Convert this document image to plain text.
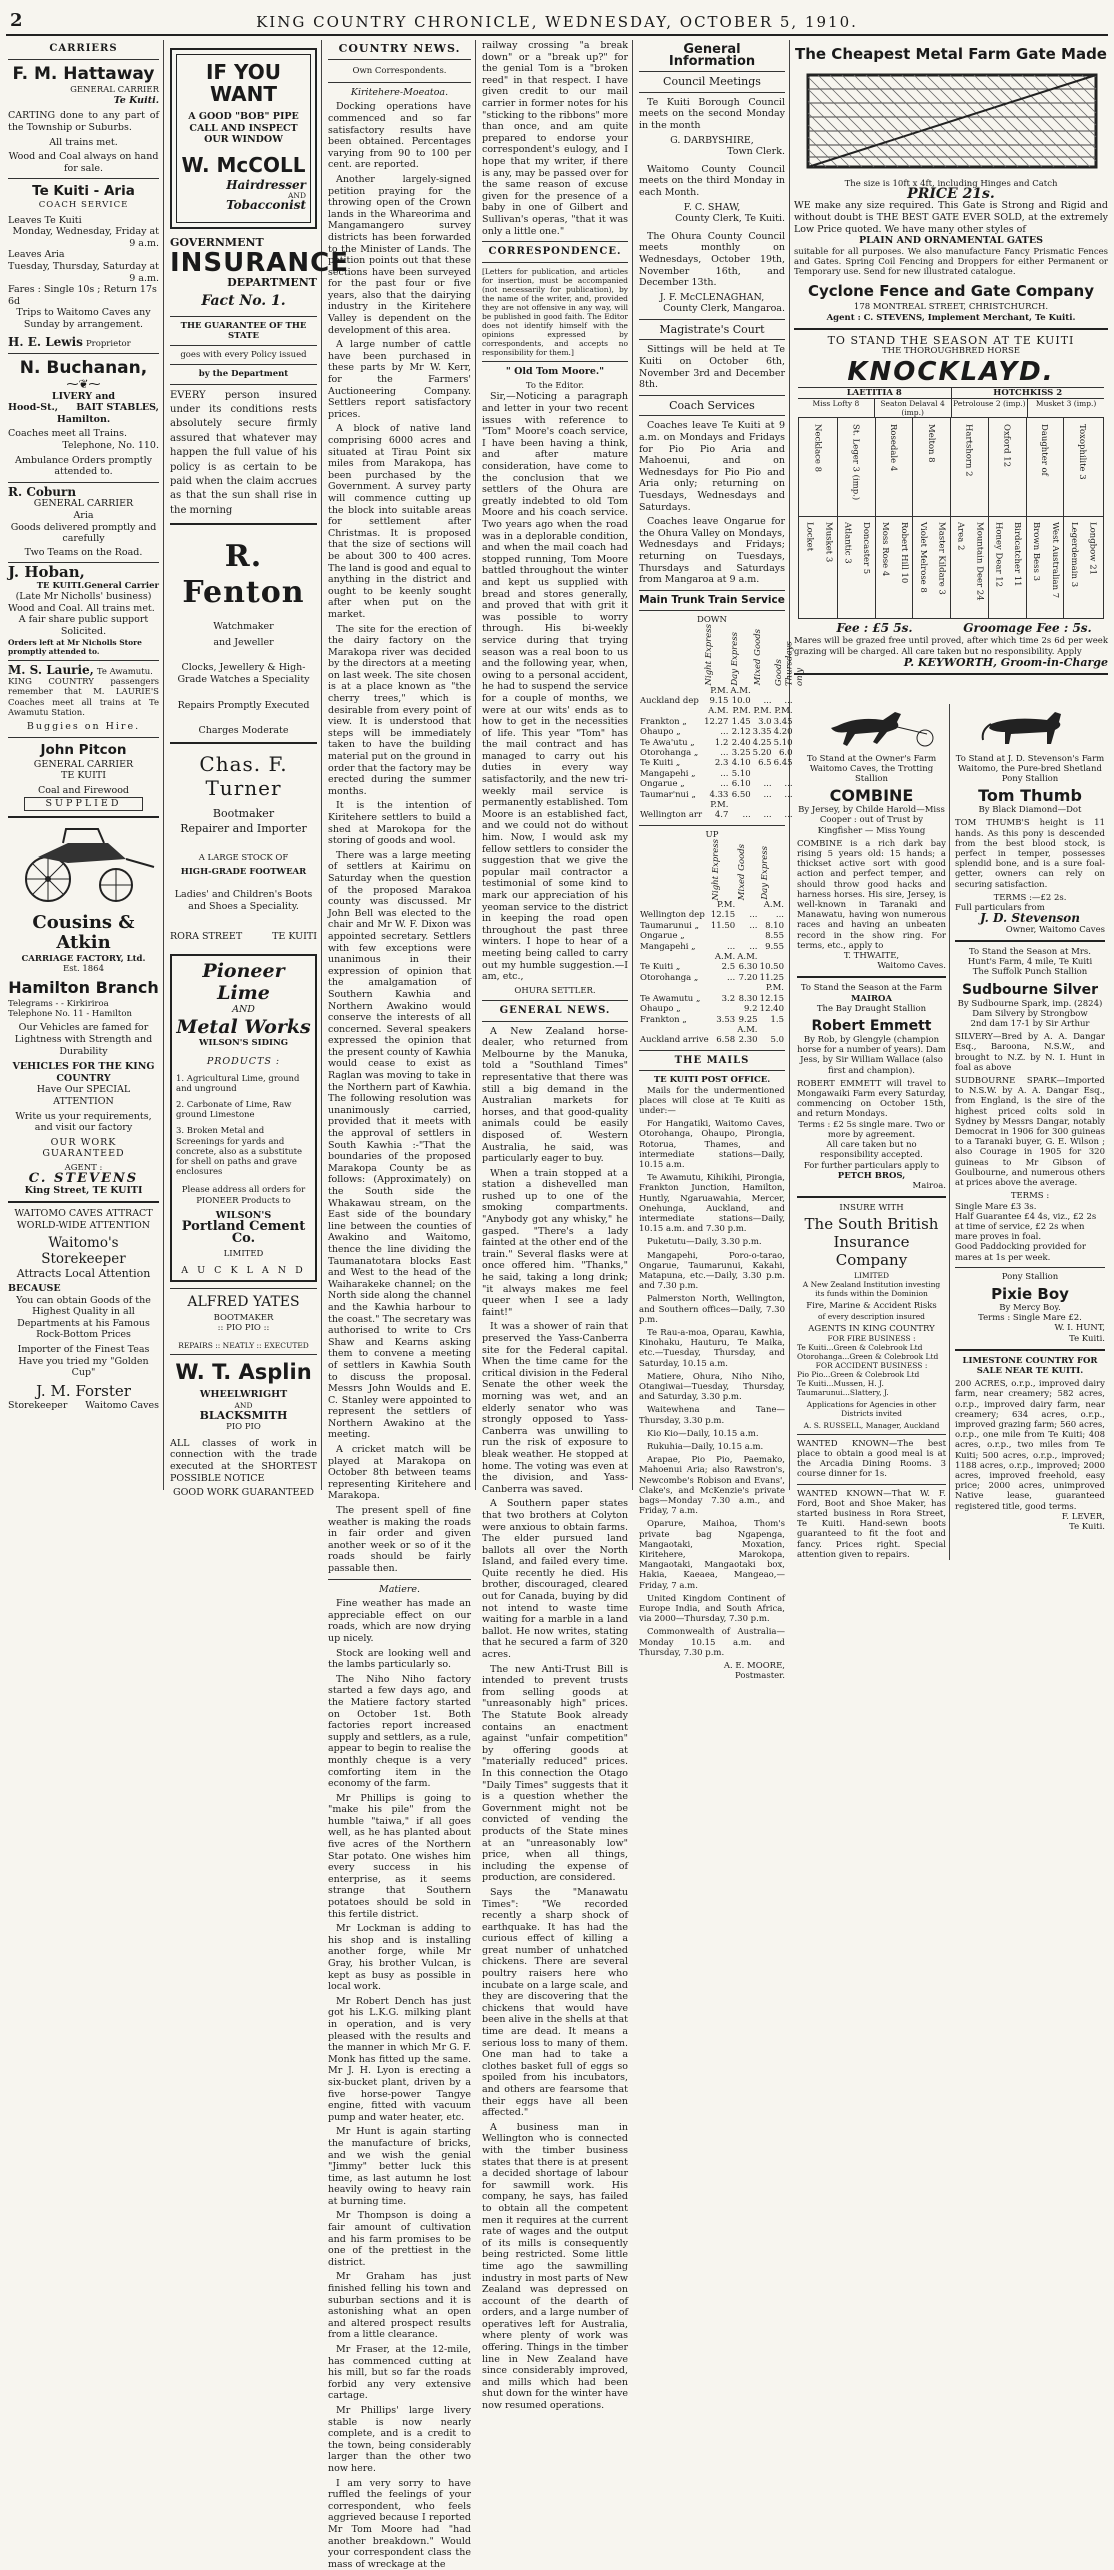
2	KING COUNTRY CHRONICLE, WEDNESDAY, OCTOBER 5, 1910.
CARRIERS
F. M. Hattaway
GENERAL CARRIER
Te Kuiti.
CARTING done to any part of the Township or Suburbs.
All trains met.
Wood and Coal always on hand for sale.
Te Kuiti - Aria
COACH SERVICE
Leaves Te Kuiti
Monday, Wednesday, Friday at 9 a.m.
Leaves Aria
Tuesday, Thursday, Saturday at 9 a.m.
Fares : Single 10s ; Return 17s 6d
Trips to Waitomo Caves any Sunday by arrangement.
H. E. Lewis Proprietor
N. Buchanan,
⁓❦⁓
LIVERY and
Hood-St., BAIT STABLES,
Hamilton.
Coaches meet all Trains.
Telephone, No. 110.
Ambulance Orders promptly attended to.
R. Coburn
GENERAL CARRIER
Aria
Goods delivered promptly and carefully
Two Teams on the Road.
J. Hoban,
General Carrier
TE KUITI.
(Late Mr Nicholls' business)
Wood and Coal. All trains met.
A fair share public support Solicited.
Orders left at Mr Nicholls Store promptly attended to.
M. S. Laurie, Te Awamutu.
KING COUNTRY passengers remember that M. LAURIE'S Coaches meet all trains at Te Awamutu Station.
Buggies on Hire.
John Pitcon
GENERAL CARRIER
TE KUITI
Coal and Firewood
SUPPLIED
Cousins & Atkin
CARRIAGE FACTORY, Ltd.
Est. 1864
Hamilton Branch
Telegrams - - Kirkiriroa
Telephone No. 11 - Hamilton
Our Vehicles are famed for Lightness with Strength and Durability
VEHICLES FOR THE KING COUNTRY
Have Our SPECIAL ATTENTION
Write us your requirements, and visit our factory
OUR WORK GUARANTEED
AGENT :
C. STEVENS
King Street, TE KUITI
WAITOMO CAVES ATTRACT WORLD-WIDE ATTENTION
Waitomo's Storekeeper
Attracts Local Attention
BECAUSE
You can obtain Goods of the Highest Quality in all Departments at his Famous Rock-Bottom Prices
Importer of the Finest Teas
Have you tried my "Golden Cup"
J. M. Forster
Storekeeper Waitomo Caves
IF YOU WANT
A GOOD "BOB" PIPE
CALL AND INSPECT
OUR WINDOW
W. McCOLL
Hairdresser
AND
Tobacconist
GOVERNMENT
INSURANCE
DEPARTMENT
Fact No. 1.
THE GUARANTEE OF THE STATE
goes with every Policy issued
by the Department
EVERY person insured under its conditions rests absolutely secure firmly assured that whatever may happen the full value of his policy is as certain to be paid when the claim accrues as that the sun shall rise in the morning
R. Fenton
Watchmaker
and Jeweller
Clocks, Jewellery & High-Grade Watches a Speciality
Repairs Promptly Executed
Charges Moderate
Chas. F. Turner
Bootmaker
Repairer and Importer
A LARGE STOCK OF
HIGH-GRADE FOOTWEAR
Ladies' and Children's Boots and Shoes a Speciality.
RORA STREET	TE KUITI
Pioneer Lime
AND
Metal Works
WILSON'S SIDING
PRODUCTS :
1. Agricultural Lime, ground and unground
2. Carbonate of Lime, Raw ground Limestone
3. Broken Metal and Screenings for yards and concrete, also as a substitute for shell on paths and grave enclosures
Please address all orders for PIONEER Products to
WILSON'S
Portland Cement Co.
LIMITED
A U C K L A N D
ALFRED YATES
BOOTMAKER
:: PIO PIO ::
REPAIRS :: NEATLY :: EXECUTED
W. T. Asplin
WHEELWRIGHT
AND
BLACKSMITH
PIO PIO
ALL classes of work in connection with the trade executed at the SHORTEST POSSIBLE NOTICE
GOOD WORK GUARANTEED
COUNTRY NEWS.
Own Correspondents.
Kiritehere-Moeatoa.

Docking operations have commenced and so far satisfactory results have been obtained. Percentages varying from 90 to 100 per cent. are reported.

Another largely-signed petition praying for the throwing open of the Crown lands in the Whareorima and Mangamangero survey districts has been forwarded to the Minister of Lands. The petition points out that these sections have been surveyed for the past four or five years, also that the dairying industry in the Kiritehere Valley is dependent on the development of this area.

A large number of cattle have been purchased in these parts by Mr W. Kerr, for the Farmers' Auctioneering Company. Settlers report satisfactory prices.

A block of native land comprising 6000 acres and situated at Tirau Point six miles from Marakopa, has been purchased by the Government. A survey party will commence cutting up the block into suitable areas for settlement after Christmas. It is proposed that the size of sections will be about 300 to 400 acres. The land is good and equal to anything in the district and ought to be keenly sought after when put on the market.

The site for the erection of the dairy factory on the Marakopa river was decided by the directors at a meeting on last week. The site chosen is at a place known as "the cherry trees," which is desirable from every point of view. It is understood that steps will be immediately taken to have the building material put on the ground in order that the factory may be erected during the summer months.

It is the intention of Kiritehere settlers to build a shed at Marokopa for the storing of goods and wool.

There was a large meeting of settlers at Kairimu on Saturday when the question of the proposed Marakoa county was discussed. Mr John Bell was elected to the chair and Mr W. F. Dixon was appointed secretary. Settlers with few exceptions were unanimous in their expression of opinion that the amalgamation of Southern Kawhia and Northern Awakino would conserve the interests of all concerned. Several speakers expressed the opinion that the present county of Kawhia would cease to exist as Raglan was moving to take in the Northern part of Kawhia. The following resolution was unanimously carried, provided that it meets with the approval of settlers in South Kawhia :-"That the boundaries of the proposed Marakopa County be as follows: (Approximately) on the South side the Whakawau stream, on the East side of the boundary line between the counties of Awakino and Waitomo, thence the line dividing the Taumanatotara blocks East and West to the head of the Waiharakeke channel; on the North side along the channel and the Kawhia harbour to the coast." The secretary was authorised to write to Crs Shaw and Kearns asking them to convene a meeting of settlers in Kawhia South to discuss the proposal. Messrs John Woulds and E. C. Stanley were appointed to represent the settlers of Northern Awakino at the meeting.

A cricket match will be played at Marakopa on October 8th between teams representing Kiritehere and Marakopa.

The present spell of fine weather is making the roads in fair order and given another week or so of it the roads should be fairly passable then.

Matiere.

Fine weather has made an appreciable effect on our roads, which are now drying up nicely.

Stock are looking well and the lambs particularly so.

The Niho Niho factory started a few days ago, and the Matiere factory started on October 1st. Both factories report increased supply and settlers, as a rule, appear to begin to realise the monthly cheque is a very comforting item in the economy of the farm.

Mr Phillips is going to "make his pile" from the humble "taiwa," if all goes well, as he has planted about five acres of the Northern Star potato. One wishes him every success in his enterprise, as it seems strange that Southern potatoes should be sold in this fertile district.

Mr Lockman is adding to his shop and is installing another forge, while Mr Gray, his brother Vulcan, is kept as busy as possible in local work.

Mr Robert Dench has just got his L.K.G. milking plant in operation, and is very pleased with the results and the manner in which Mr G. F. Monk has fitted up the same. Mr J. H. Lyon is erecting a six-bucket plant, driven by a five horse-power Tangye engine, fitted with vacuum pump and water heater, etc.

Mr Hunt is again starting the manufacture of bricks, and we wish the genial "Jimmy" better luck this time, as last autumn he lost heavily owing to heavy rain at burning time.

Mr Thompson is doing a fair amount of cultivation and his farm promises to be one of the prettiest in the district.

Mr Graham has just finished felling his town and suburban sections and it is astonishing what an open and altered prospect results from a little clearance.

Mr Fraser, at the 12-mile, has commenced cutting at his mill, but so far the roads forbid any very extensive cartage.

Mr Phillips' large livery stable is now nearly complete, and is a credit to the town, being considerably larger than the other two now here.

I am very sorry to have ruffled the feelings of your correspondent, who feels aggrieved because I reported Mr Tom Moore had "had another breakdown." Would your correspondent class the mass of wreckage at the

railway crossing "a break down" or a "break up?" for the genial Tom is a "broken reed" in that respect. I have given credit to our mail carrier in former notes for his "sticking to the ribbons" more than once, and am quite prepared to endorse your correspondent's eulogy, and I hope that my writer, if there is any, may be passed over for the same reason of excuse given for the presence of a baby in one of Gilbert and Sullivan's operas, "that it was only a little one."

CORRESPONDENCE.
[Letters for publication, and articles for insertion, must be accompanied (not necessarily for publication), by the name of the writer, and, provided they are not offensive in any way, will be published in good faith. The Editor does not identify himself with the opinions expressed by correspondents, and accepts no responsibility for them.]
" Old Tom Moore."
To the Editor.

Sir,—Noticing a paragraph and letter in your two recent issues with reference to "Tom" Moore's coach service, I have been having a think, and after mature consideration, have come to the conclusion that we settlers of the Ohura are greatly indebted to old Tom Moore and his coach service. Two years ago when the road was in a deplorable condition, and when the mail coach had stopped running, Tom Moore battled throughout the winter and kept us supplied with bread and stores generally, and proved that with grit it was possible to worry through. His bi-weekly service during that trying season was a real boon to us and the following year, when, owing to a personal accident, he had to suspend the service for a couple of months, we were at our wits' ends as to how to get in the necessities of life. This year "Tom" has the mail contract and has managed to carry out his duties in every way satisfactorily, and the new tri-weekly mail service is permanently established. Tom Moore is an established fact, and we could not do without him. Now, I would ask my fellow settlers to consider the suggestion that we give the popular mail contractor a testimonial of some kind to mark our appreciation of his yeoman service to the district in keeping the road open throughout the past three winters. I hope to hear of a meeting being called to carry out my humble suggestion.—I am, etc.,

OHURA SETTLER.
GENERAL NEWS.

A New Zealand horse-dealer, who returned from Melbourne by the Manuka, told a "Southland Times" representative that there was still a big demand in the Australian markets for horses, and that good-quality animals could be easily disposed of. Western Australia, he said, was particularly eager to buy.

When a train stopped at a station a dishevelled man rushed up to one of the smoking compartments. "Anybody got any whisky," he gasped. "There's a lady fainted at the other end of the train." Several flasks were at once offered him. "Thanks," he said, taking a long drink; "it always makes me feel queer when I see a lady faint!"

It was a shower of rain that preserved the Yass-Canberra site for the Federal capital. When the time came for the critical division in the Federal Senate the other week the morning was wet, and an elderly senator who was strongly opposed to Yass-Canberra was unwilling to run the risk of exposure to bleak weather. He stopped at home. The voting was even at the division, and Yass-Canberra was saved.

A Southern paper states that two brothers at Colyton were anxious to obtain farms. The elder pursued land ballots all over the North Island, and failed every time. Quite recently he died. His brother, discouraged, cleared out for Canada, buying by did not intend to waste time waiting for a marble in a land ballot. He now writes, stating that he secured a farm of 320 acres.

The new Anti-Trust Bill is intended to prevent trusts from selling goods at "unreasonably high" prices. The Statute Book already contains an enactment against "unfair competition" by offering goods at "materially reduced" prices. In this connection the Otago "Daily Times" suggests that it is a question whether the Government might not be convicted of vending the products of the State mines at an "unreasonably low" price, when all things, including the expense of production, are considered.

Says the "Manawatu Times": "We recorded recently a sharp shock of earthquake. It has had the curious effect of killing a great number of unhatched chickens. There are several poultry raisers here who incubate on a large scale, and they are discovering that the chickens that would have been alive in the shells at that time are dead. It means a serious loss to many of them. One man had to take a clothes basket full of eggs so spoiled from his incubators, and others are fearsome that their eggs have all been affected."

A business man in Wellington who is connected with the timber business states that there is at present a decided shortage of labour for sawmill work. His company, he says, has failed to obtain all the competent men it requires at the current rate of wages and the output of its mills is consequently being restricted. Some little time ago the sawmilling industry in most parts of New Zealand was depressed on account of the dearth of orders, and a large number of operatives left for Australia, where plenty of work was offering. Things in the timber line in New Zealand have since considerably improved, and mills which had been shut down for the winter have now resumed operations.

General Information
Council Meetings

Te Kuiti Borough Council meets on the second Monday in the month

G. DARBYSHIRE,
Town Clerk.

Waitomo County Council meets on the third Monday in each Month.

F. C. SHAW,
County Clerk, Te Kuiti.

The Ohura County Council meets monthly on Wednesdays, October 19th, November 16th, and December 13th.

J. F. McCLENAGHAN,
County Clerk, Mangaroa.
Magistrate's Court

Sittings will be held at Te Kuiti on October 6th, November 3rd and December 8th.

Coach Services

Coaches leave Te Kuiti at 9 a.m. on Mondays and Fridays for Pio Pio Aria and Mahoenui, and on Wednesdays for Pio Pio and Aria only; returning on Tuesdays, Wednesdays and Saturdays.

Coaches leave Ongarue for the Ohura Valley on Mondays, Wednesdays and Fridays; returning on Tuesdays, Thursdays and Saturdays from Mangaroa at 9 a.m.

Main Trunk Train Service
DOWN

	Night Express	Day Express	Mixed Goods	Goods Thursdays only

	P.M.	A.M.		
Auckland dep	9.15	10.0	...	...
	A.M.	P.M.	P.M.	P.M.
Frankton „	12.27	1.45	3.0	3.45
Ohaupo „	...	2.12	3.35	4.20
Te Awa'utu „	1.2	2.40	4.25	5.10
Otorohanga „	...	3.25	5.20	6.0
Te Kuiti „	2.3	4.10	6.5	6.45
Mangapehi „	...	5.10		
Ongarue „	...	6.10	...	...
Taumar'nui „	4.33	6.50	...	...
	P.M.			
Wellington arr	4.7	...	...	...
UP

	Night Express	Mixed Goods	Day Express

	P.M.		A.M.
Wellington dep	12.15	...	...
Taumarunui „	11.50	...	8.10
Ongarue „			8.55
Mangapehi „	...	...	9.55
	A.M.	A.M.	
Te Kuiti „	2.5	6.30	10.50
Otorohanga „	...	7.20	11.25
			P.M.
Te Awamutu „	3.2	8.30	12.15
Ohaupo „		9.2	12.40
Frankton „	3.53	9.25	1.5
		A.M.	
Auckland arrive	6.58	2.30	5.0
THE MAILS
TE KUITI POST OFFICE.

Mails for the undermentioned places will close at Te Kuiti as under:—

For Hangatiki, Waitomo Caves, Otorohanga, Ohaupo, Pirongia, Rotorua, Thames, and intermediate stations—Daily, 10.15 a.m.

Te Awamutu, Kihikihi, Pirongia, Frankton Junction, Hamilton, Huntly, Ngaruawahia, Mercer, Onehunga, Auckland, and intermediate stations—Daily, 10.15 a.m. and 7.30 p.m.

Puketutu—Daily, 3.30 p.m.

Mangapehi, Poro-o-tarao, Ongarue, Taumarunui, Kakahi, Matapuna, etc.—Daily, 3.30 p.m. and 7.30 p.m.

Palmerston North, Wellington, and Southern offices—Daily, 7.30 p.m.

Te Rau-a-moa, Oparau, Kawhia, Kinohaku, Hauturu, Te Maika, etc.—Tuesday, Thursday, and Saturday, 10.15 a.m.

Matiere, Ohura, Niho Niho, Otangiwai—Tuesday, Thursday, and Saturday, 3.30 p.m.

Waitewhena and Tane—Thursday, 3.30 p.m.

Kio Kio—Daily, 10.15 a.m.

Rukuhia—Daily, 10.15 a.m.

Arapae, Pio Pio, Paemako, Mahoenui Aria; also Rawstron's, Newcombe's Robison and Evans', Clake's, and McKenzie's private bags—Monday 7.30 a.m., and Friday, 7 a.m.

Oparure, Maihoa, Thom's private bag Ngapenga, Mangaotaki, Moxation, Kiritehere, Marokopa, Mangaotaki, Mangaotaki box, Hakia, Kaeaea, Mangeao,—Friday, 7 a.m.

United Kingdom Continent of Europe India, and South Africa, via 2000—Thursday, 7.30 p.m.

Commonwealth of Australia—Monday 10.15 a.m. and Thursday, 7.30 p.m.

A. E. MOORE,
Postmaster.
The Cheapest Metal Farm Gate Made
The size is 10ft x 4ft, including Hinges and Catch
PRICE 21s.
WE make any size required. This Gate is Strong and Rigid and without doubt is THE BEST GATE EVER SOLD, at the extremely Low Price quoted. We have many other styles of
PLAIN AND ORNAMENTAL GATES
suitable for all purposes. We also manufacture Fancy Prismatic Fences and Gates. Spring Coil Fencing and Droppers for either Permanent or Temporary use. Send for new illustrated catalogue.
Cyclone Fence and Gate Company
178 MONTREAL STREET, CHRISTCHURCH.
Agent : C. STEVENS, Implement Merchant, Te Kuiti.
TO STAND THE SEASON AT TE KUITI
THE THOROUGHBRED HORSE
KNOCKLAYD.
LAETITIA 8	HOTCHKISS 2
Miss Lofty 8	Seaton Delaval 4 (imp.)
Petrolouse 2 (imp.)	Musket 3 (imp.)
Necklace 8	St. Leger 3 (imp.)	Rosedale 4	Melton 8	Hartshorn 2	Oxford 12	Daughter of	Toxophilite 3
Locket Musket 3 Atlantic 3 Doncaster 5 Moss Rose 4 Robert Hill 10 Violet Melrose 8 Master Kildare 3 Area 2 Mountain Deer 24 Honey Dear 12 Birdcatcher 11 Brown Bess 3 West Australian 7 Legerdemain 3 Longbow 21
Fee : £5 5s.	Groomage Fee : 5s.
Mares will be grazed free until proved, after which time 2s 6d per week grazing will be charged. All care taken but no responsibility. Apply
P. KEYWORTH, Groom-in-Charge
To Stand at the Owner's Farm Waitomo Caves, the Trotting Stallion
COMBINE
By Jersey, by Childe Harold—Miss Cooper : out of Trust by Kingfisher — Miss Young
COMBINE is a rich dark bay rising 5 years old: 15 hands; a thickset active sort with good action and perfect temper, and should throw good hacks and harness horses. His sire, Jersey, is well-known in Taranaki and Manawatu, having won numerous races and having an unbeaten record in the show ring. For terms, etc., apply to
T. THWAITE,
Waitomo Caves.
To Stand the Season at the Farm
MAIROA
The Bay Draught Stallion
Robert Emmett
By Rob, by Glengyle (champion horse for a number of years). Dam Jess, by Sir William Wallace (also first and champion).
ROBERT EMMETT will travel to Mongawaiki Farm every Saturday, commencing on October 15th, and return Mondays.
Terms : £2 5s single mare. Two or more by agreement.
All care taken but no responsibility accepted.
For further particulars apply to
PETCH BROS,
Mairoa.
INSURE WITH
The South British Insurance Company
LIMITED
A New Zealand Institution investing its funds within the Dominion
Fire, Marine & Accident Risks
of every description insured
AGENTS IN KING COUNTRY
FOR FIRE BUSINESS :
Te Kuiti...Green & Colebrook Ltd
Otorohanga...Green & Colebrook Ltd
FOR ACCIDENT BUSINESS :
Pio Pio...Green & Colebrook Ltd
Te Kuiti...Mussen, H. J.
Taumarunui...Slattery, J.
Applications for Agencies in other Districts invited
A. S. RUSSELL, Manager, Auckland
WANTED KNOWN—The best place to obtain a good meal is at the Arcadia Dining Rooms. 3 course dinner for 1s.
WANTED KNOWN—That W. F. Ford, Boot and Shoe Maker, has started business in Rora Street, Te Kuiti. Hand-sewn boots guaranteed to fit the foot and fancy. Prices right. Special attention given to repairs.
To Stand at J. D. Stevenson's Farm Waitomo, the Pure-bred Shetland Pony Stallion
Tom Thumb
By Black Diamond—Dot
TOM THUMB'S height is 11 hands. As this pony is descended from the best blood stock, is perfect in temper, possesses splendid bone, and is a sure foal-getter, owners can rely on securing satisfaction.
TERMS :—£2 2s.
Full particulars from
J. D. Stevenson
Owner, Waitomo Caves
To Stand the Season at Mrs. Hunt's Farm, 4 mile, Te Kuiti
The Suffolk Punch Stallion
Sudbourne Silver
By Sudbourne Spark, imp. (2824)
Dam Silvery by Strongbow
2nd dam 17-1 by Sir Arthur
SILVERY—Bred by A. A. Dangar Esq., Baroona, N.S.W., and brought to N.Z. by N. I. Hunt in foal as above
SUDBOURNE SPARK—Imported to N.S.W. by A. A. Dangar Esq., from England, is the sire of the highest priced colts sold in Sydney by Messrs Dangar, notably Democrat in 1906 for 300 guineas to a Taranaki buyer, G. E. Wilson ; also Courage in 1905 for 320 guineas to Mr Gibson of Goulbourne, and numerous others at prices above the average.
TERMS :
Single Mare £3 3s.
Half Guarantee £4 4s, viz., £2 2s at time of service, £2 2s when mare proves in foal.
Good Paddocking provided for mares at 1s per week.
Pony Stallion
Pixie Boy
By Mercy Boy.
Terms : Single Mare £2.
W. I. HUNT,
Te Kuiti.
LIMESTONE COUNTRY FOR SALE NEAR TE KUITI.
200 ACRES, o.r.p., improved dairy farm, near creamery; 582 acres, o.r.p., improved dairy farm, near creamery; 634 acres, o.r.p., improved grazing farm; 560 acres, o.r.p., one mile from Te Kuiti; 408 acres, o.r.p., two miles from Te Kuiti; 500 acres, o.r.p., improved; 1188 acres, o.r.p., improved; 2000 acres, improved freehold, easy price; 2000 acres, unimproved Native lease, guaranteed registered title, good terms.
F. LEVER,
Te Kuiti.
